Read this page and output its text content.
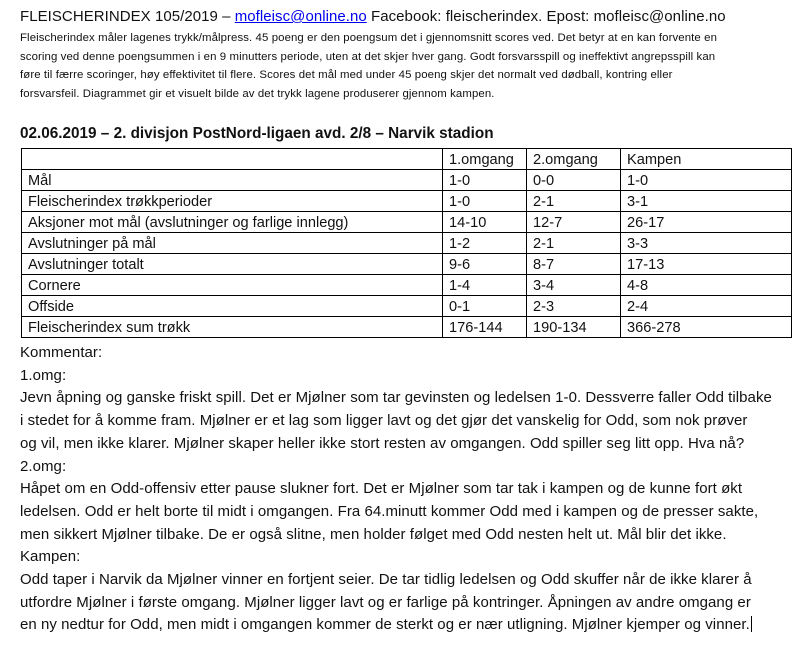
FLEISCHERINDEX 105/2019 – mofleisc@online.no Facebook: fleischerindex. Epost: mofleisc@online.no
Fleischerindex måler lagenes trykk/målpress. 45 poeng er den poengsum det i gjennomsnitt scores ved. Det betyr at en kan forvente en
scoring ved denne poengsummen i en 9 minutters periode, uten at det skjer hver gang. Godt forsvarsspill og ineffektivt angrepsspill kan
føre til færre scoringer, høy effektivitet til flere. Scores det mål med under 45 poeng skjer det normalt ved dødball, kontring eller
forsvarsfeil. Diagrammet gir et visuelt bilde av det trykk lagene produserer gjennom kampen.
02.06.2019 – 2. divisjon PostNord-ligaen avd. 2/8 – Narvik stadion
	1.omgang	2.omgang	Kampen
Mål	1-0	0-0	1-0
Fleischerindex trøkkperioder	1-0	2-1	3-1
Aksjoner mot mål (avslutninger og farlige innlegg)	14-10	12-7	26-17
Avslutninger på mål	1-2	2-1	3-3
Avslutninger totalt	9-6	8-7	17-13
Cornere	1-4	3-4	4-8
Offside	0-1	2-3	2-4
Fleischerindex sum trøkk	176-144	190-134	366-278

Kommentar:

1.omg:

Jevn åpning og ganske friskt spill. Det er Mjølner som tar gevinsten og ledelsen 1-0. Dessverre faller Odd tilbake

i stedet for å komme fram. Mjølner er et lag som ligger lavt og det gjør det vanskelig for Odd, som nok prøver

og vil, men ikke klarer. Mjølner skaper heller ikke stort resten av omgangen. Odd spiller seg litt opp. Hva nå?

2.omg:

Håpet om en Odd-offensiv etter pause slukner fort. Det er Mjølner som tar tak i kampen og de kunne fort økt

ledelsen. Odd er helt borte til midt i omgangen. Fra 64.minutt kommer Odd med i kampen og de presser sakte,

men sikkert Mjølner tilbake. De er også slitne, men holder følget med Odd nesten helt ut. Mål blir det ikke.

Kampen:

Odd taper i Narvik da Mjølner vinner en fortjent seier. De tar tidlig ledelsen og Odd skuffer når de ikke klarer å

utfordre Mjølner i første omgang. Mjølner ligger lavt og er farlige på kontringer. Åpningen av andre omgang er

en ny nedtur for Odd, men midt i omgangen kommer de sterkt og er nær utligning. Mjølner kjemper og vinner.
